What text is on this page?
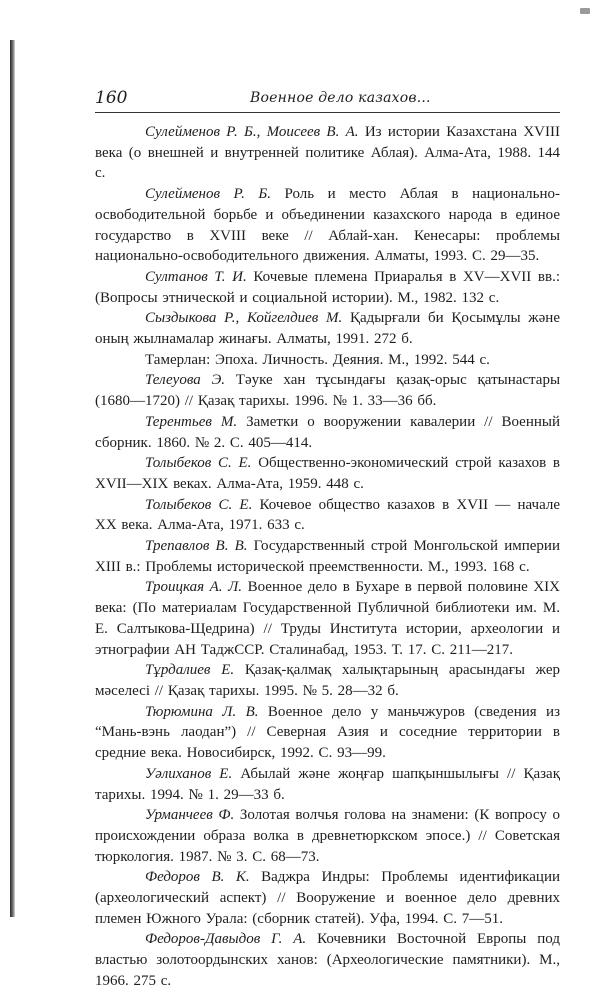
160	Военное дело казахов...
Сулейменов Р. Б., Моисеев В. А. Из истории Казахстана XVIII века (о внешней и внутренней политике Аблая). Алма-Ата, 1988. 144 с.
Сулейменов Р. Б. Роль и место Аблая в национально-освободительной борьбе и объединении казахского народа в единое государство в XVIII веке // Аблай-хан. Кенесары: проблемы национально-освободительного движения. Алматы, 1993. С. 29—35.
Султанов Т. И. Кочевые племена Приаралья в XV—XVII вв.: (Вопросы этнической и социальной истории). М., 1982. 132 с.
Сыздыкова Р., Койгелдиев М. Қадырғали би Қосымұлы және оның жылнамалар жинағы. Алматы, 1991. 272 б.
Тамерлан: Эпоха. Личность. Деяния. М., 1992. 544 с.
Телеуова Э. Тәуке хан тұсындағы қазақ-орыс қатынастары (1680—1720) // Қазақ тарихы. 1996. № 1. 33—36 бб.
Терентьев М. Заметки о вооружении кавалерии // Военный сборник. 1860. № 2. С. 405—414.
Толыбеков С. Е. Общественно-экономический строй казахов в XVII—XIX веках. Алма-Ата, 1959. 448 с.
Толыбеков С. Е. Кочевое общество казахов в XVII — начале XX века. Алма-Ата, 1971. 633 с.
Трепавлов В. В. Государственный строй Монгольской империи XIII в.: Проблемы исторической преемственности. М., 1993. 168 с.
Троицкая А. Л. Военное дело в Бухаре в первой половине XIX века: (По материалам Государственной Публичной библиотеки им. М. Е. Салтыкова-Щедрина) // Труды Института истории, археологии и этнографии АН ТаджССР. Сталинабад, 1953. Т. 17. С. 211—217.
Тұрдалиев Е. Қазақ-қалмақ халықтарының арасындағы жер мәселесі // Қазақ тарихы. 1995. № 5. 28—32 б.
Тюрюмина Л. В. Военное дело у маньчжуров (сведения из “Мань-вэнь лаодан”) // Северная Азия и соседние территории в средние века. Новосибирск, 1992. С. 93—99.
Уәлиханов Е. Абылай және жоңғар шапқыншылығы // Қазақ тарихы. 1994. № 1. 29—33 б.
Урманчеев Ф. Золотая волчья голова на знамени: (К вопросу о происхождении образа волка в древнетюркском эпосе.) // Советская тюркология. 1987. № 3. С. 68—73.
Федоров В. К. Ваджра Индры: Проблемы идентификации (археологический аспект) // Вооружение и военное дело древних племен Южного Урала: (сборник статей). Уфа, 1994. С. 7—51.
Федоров-Давыдов Г. А. Кочевники Восточной Европы под властью золотоордынских ханов: (Археологические памятники). М., 1966. 275 с.
